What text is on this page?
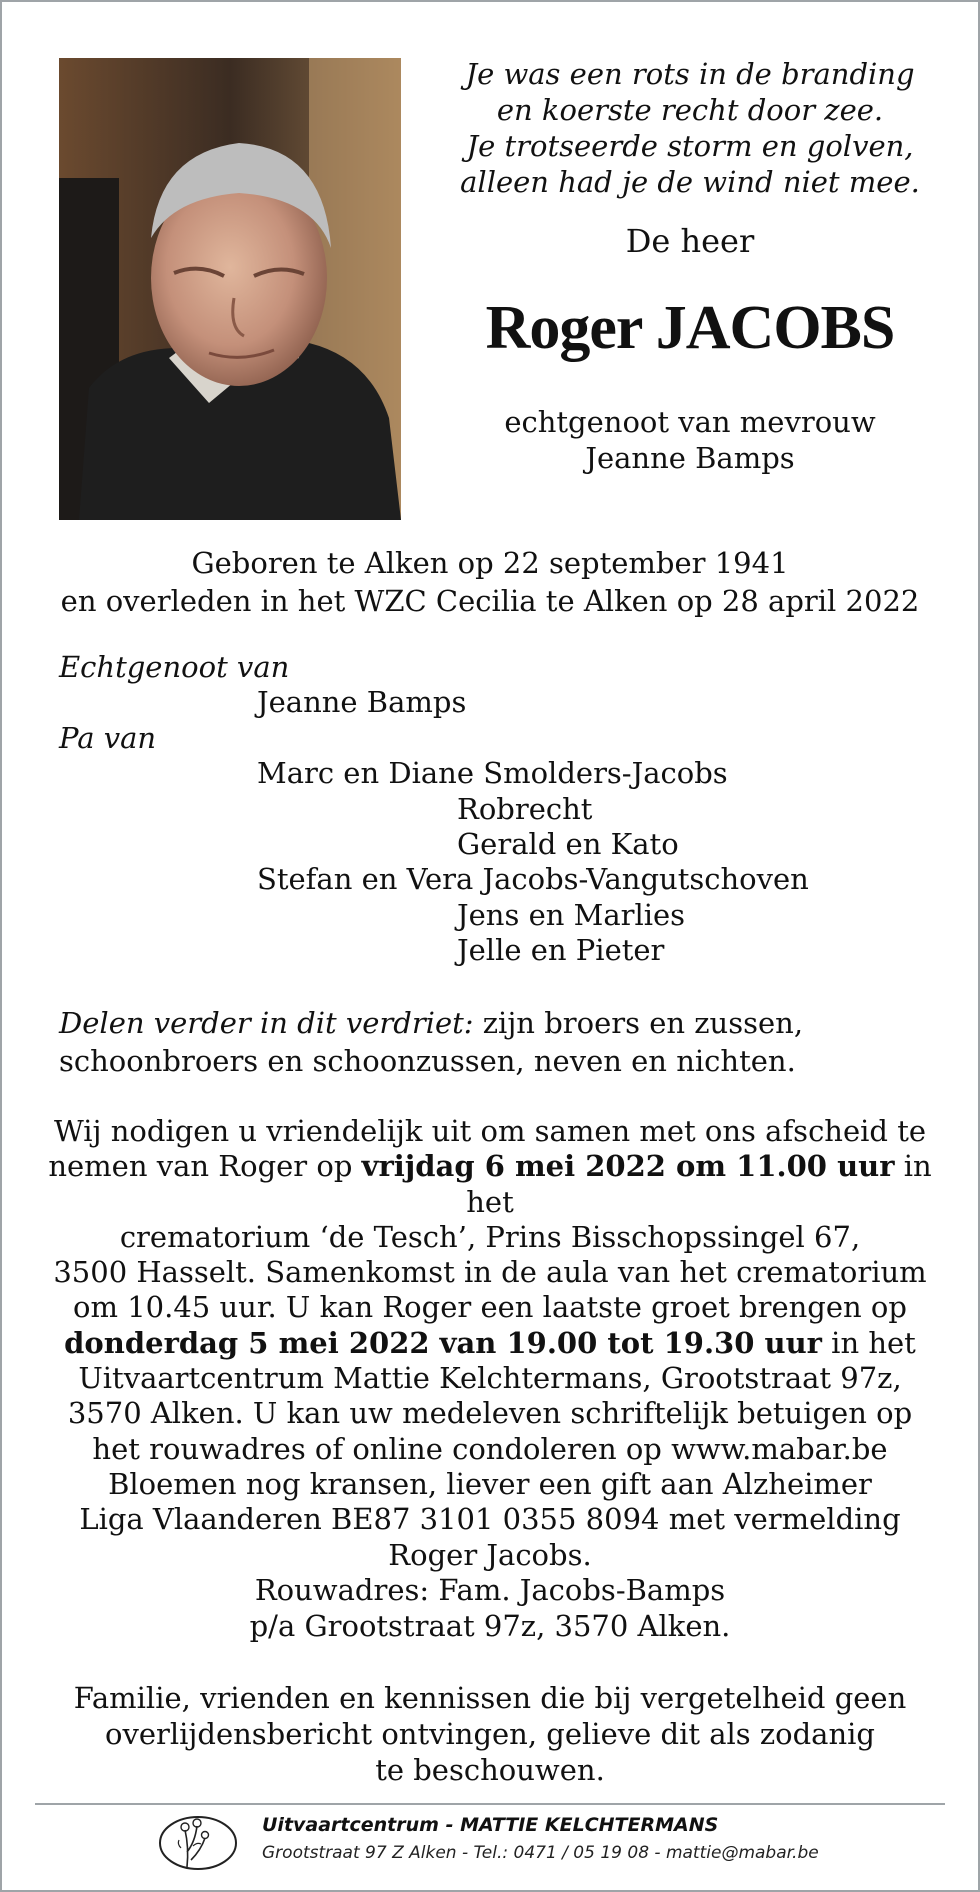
Je was een rots in de branding
en koerste recht door zee.
Je trotseerde storm en golven,
alleen had je de wind niet mee.
De heer
Roger JACOBS
echtgenoot van mevrouw
Jeanne Bamps
Geboren te Alken op 22 september 1941
en overleden in het WZC Cecilia te Alken op 28 april 2022
Echtgenoot van
Jeanne Bamps
Pa van
Marc en Diane Smolders-Jacobs
Robrecht
Gerald en Kato
Stefan en Vera Jacobs-Vangutschoven
Jens en Marlies
Jelle en Pieter
Delen verder in dit verdriet: zijn broers en zussen,
schoonbroers en schoonzussen, neven en nichten.
Wij nodigen u vriendelijk uit om samen met ons afscheid te
nemen van Roger op vrijdag 6 mei 2022 om 11.00 uur in het
crematorium ‘de Tesch’, Prins Bisschopssingel 67,
3500 Hasselt. Samenkomst in de aula van het crematorium
om 10.45 uur. U kan Roger een laatste groet brengen op
donderdag 5 mei 2022 van 19.00 tot 19.30 uur in het
Uitvaartcentrum Mattie Kelchtermans, Grootstraat 97z,
3570 Alken. U kan uw medeleven schriftelijk betuigen op
het rouwadres of online condoleren op www.mabar.be
Bloemen nog kransen, liever een gift aan Alzheimer
Liga Vlaanderen BE87 3101 0355 8094 met vermelding
Roger Jacobs.
Rouwadres: Fam. Jacobs-Bamps
p/a Grootstraat 97z, 3570 Alken.
Familie, vrienden en kennissen die bij vergetelheid geen
overlijdensbericht ontvingen, gelieve dit als zodanig
te beschouwen.
Uitvaartcentrum - MATTIE KELCHTERMANS
Grootstraat 97 Z Alken - Tel.: 0471 / 05 19 08 - mattie@mabar.be
